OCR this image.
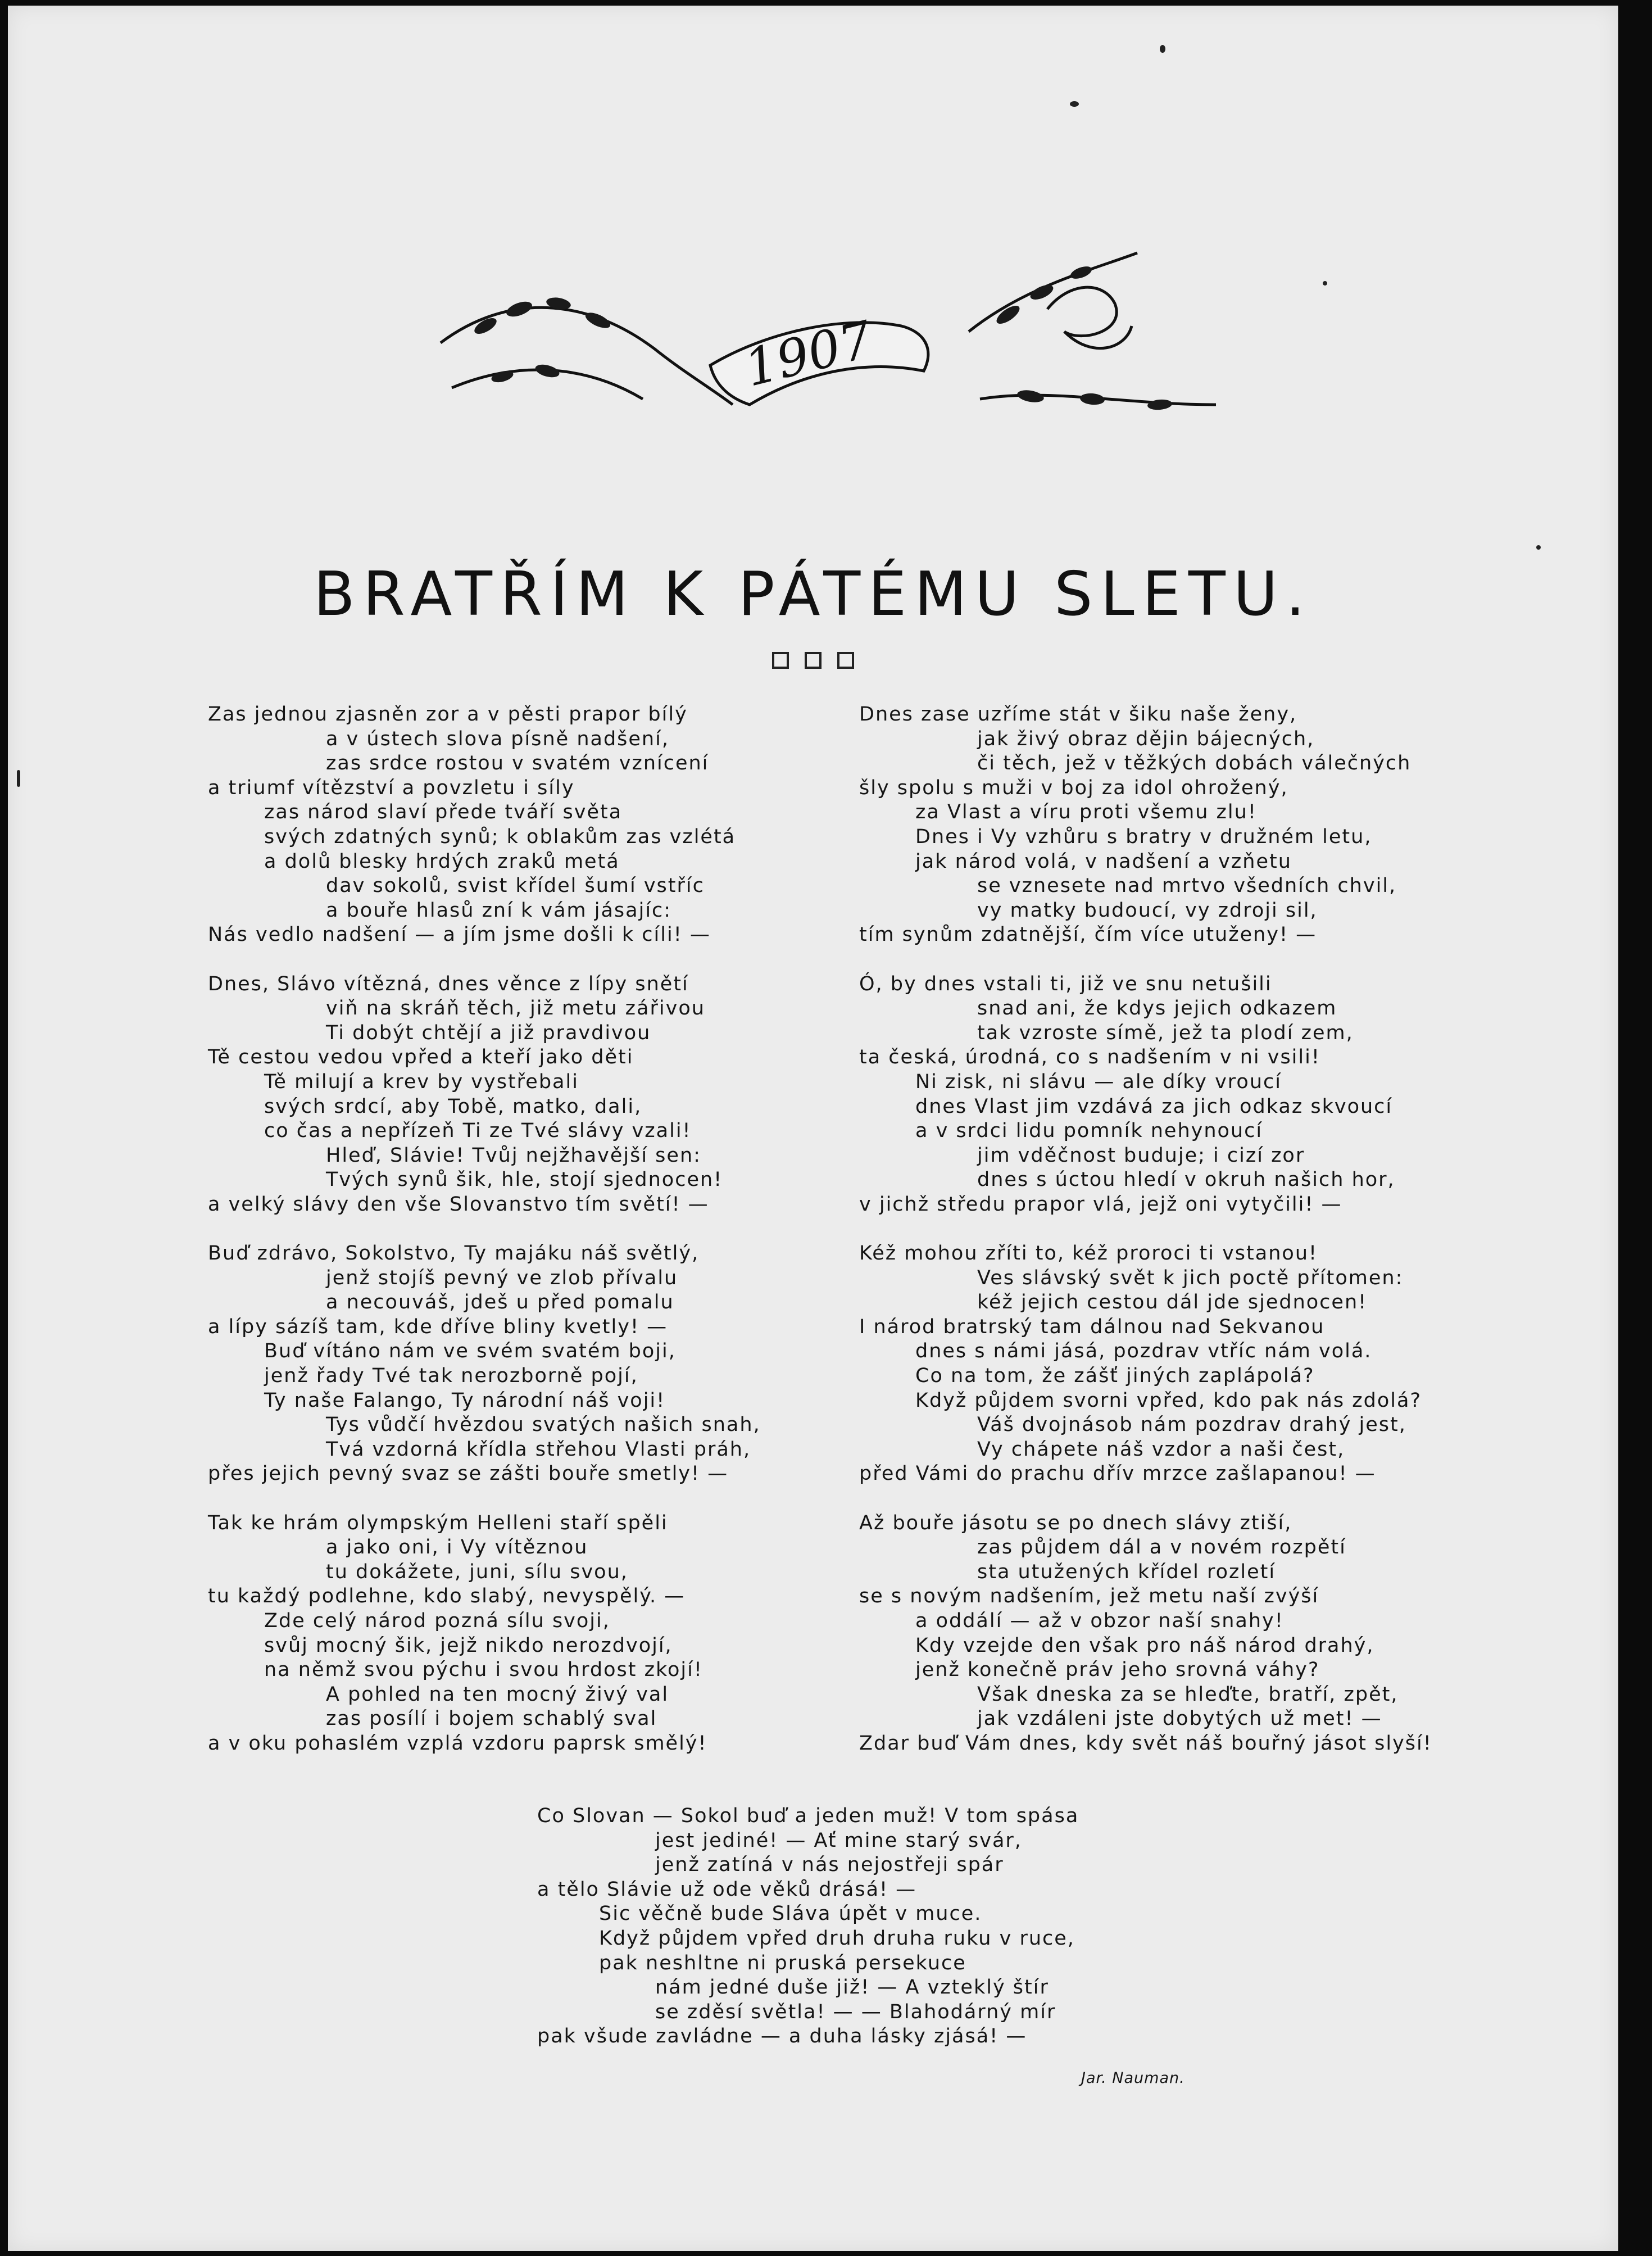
1907
BRATŘÍM K PÁTÉMU SLETU.
Zas jednou zjasněn zor a v pěsti prapor bílý
a v ústech slova písně nadšení,
zas srdce rostou v svatém vznícení
a triumf vítězství a povzletu i síly
zas národ slaví přede tváří světa
svých zdatných synů; k oblakům zas vzlétá
a dolů blesky hrdých zraků metá
dav sokolů, svist křídel šumí vstříc
a bouře hlasů zní k vám jásajíc:
Nás vedlo nadšení — a jím jsme došli k cíli! —
Dnes, Slávo vítězná, dnes věnce z lípy snětí
viň na skráň těch, již metu zářivou
Ti dobýt chtějí a již pravdivou
Tě cestou vedou vpřed a kteří jako děti
Tě milují a krev by vystřebali
svých srdcí, aby Tobě, matko, dali,
co čas a nepřízeň Ti ze Tvé slávy vzali!
Hleď, Slávie! Tvůj nejžhavější sen:
Tvých synů šik, hle, stojí sjednocen!
a velký slávy den vše Slovanstvo tím světí! —
Buď zdrávo, Sokolstvo, Ty majáku náš světlý,
jenž stojíš pevný ve zlob přívalu
a necouváš, jdeš u před pomalu
a lípy sázíš tam, kde dříve bliny kvetly! —
Buď vítáno nám ve svém svatém boji,
jenž řady Tvé tak nerozborně pojí,
Ty naše Falango, Ty národní náš voji!
Tys vůdčí hvězdou svatých našich snah,
Tvá vzdorná křídla střehou Vlasti práh,
přes jejich pevný svaz se zášti bouře smetly! —
Tak ke hrám olympským Helleni staří spěli
a jako oni, i Vy vítěznou
tu dokážete, juni, sílu svou,
tu každý podlehne, kdo slabý, nevyspělý. —
Zde celý národ pozná sílu svoji,
svůj mocný šik, jejž nikdo nerozdvojí,
na němž svou pýchu i svou hrdost zkojí!
A pohled na ten mocný živý val
zas posílí i bojem schablý sval
a v oku pohaslém vzplá vzdoru paprsk smělý!
Dnes zase uzříme stát v šiku naše ženy,
jak živý obraz dějin bájecných,
či těch, jež v těžkých dobách válečných
šly spolu s muži v boj za idol ohrožený,
za Vlast a víru proti všemu zlu!
Dnes i Vy vzhůru s bratry v družném letu,
jak národ volá, v nadšení a vzňetu
se vznesete nad mrtvo všedních chvil,
vy matky budoucí, vy zdroji sil,
tím synům zdatnější, čím více utuženy! —
Ó, by dnes vstali ti, již ve snu netušili
snad ani, že kdys jejich odkazem
tak vzroste símě, jež ta plodí zem,
ta česká, úrodná, co s nadšením v ni vsili!
Ni zisk, ni slávu — ale díky vroucí
dnes Vlast jim vzdává za jich odkaz skvoucí
a v srdci lidu pomník nehynoucí
jim vděčnost buduje; i cizí zor
dnes s úctou hledí v okruh našich hor,
v jichž středu prapor vlá, jejž oni vytyčili! —
Kéž mohou zříti to, kéž proroci ti vstanou!
Ves slávský svět k jich poctě přítomen:
kéž jejich cestou dál jde sjednocen!
I národ bratrský tam dálnou nad Sekvanou
dnes s námi jásá, pozdrav vtříc nám volá.
Co na tom, že zášť jiných zaplápolá?
Když půjdem svorni vpřed, kdo pak nás zdolá?
Váš dvojnásob nám pozdrav drahý jest,
Vy chápete náš vzdor a naši čest,
před Vámi do prachu dřív mrzce zašlapanou! —
Až bouře jásotu se po dnech slávy ztiší,
zas půjdem dál a v novém rozpětí
sta utužených křídel rozletí
se s novým nadšením, jež metu naší zvýší
a oddálí — až v obzor naší snahy!
Kdy vzejde den však pro náš národ drahý,
jenž konečně práv jeho srovná váhy?
Však dneska za se hleďte, bratří, zpět,
jak vzdáleni jste dobytých už met! —
Zdar buď Vám dnes, kdy svět náš bouřný jásot slyší!
Co Slovan — Sokol buď a jeden muž! V tom spása
jest jediné! — Ať mine starý svár,
jenž zatíná v nás nejostřeji spár
a tělo Slávie už ode věků drásá! —
Sic věčně bude Sláva úpět v muce.
Když půjdem vpřed druh druha ruku v ruce,
pak neshltne ni pruská persekuce
nám jedné duše již! — A vzteklý štír
se zděsí světla! — — Blahodárný mír
pak všude zavládne — a duha lásky zjásá! —
Jar. Nauman.
